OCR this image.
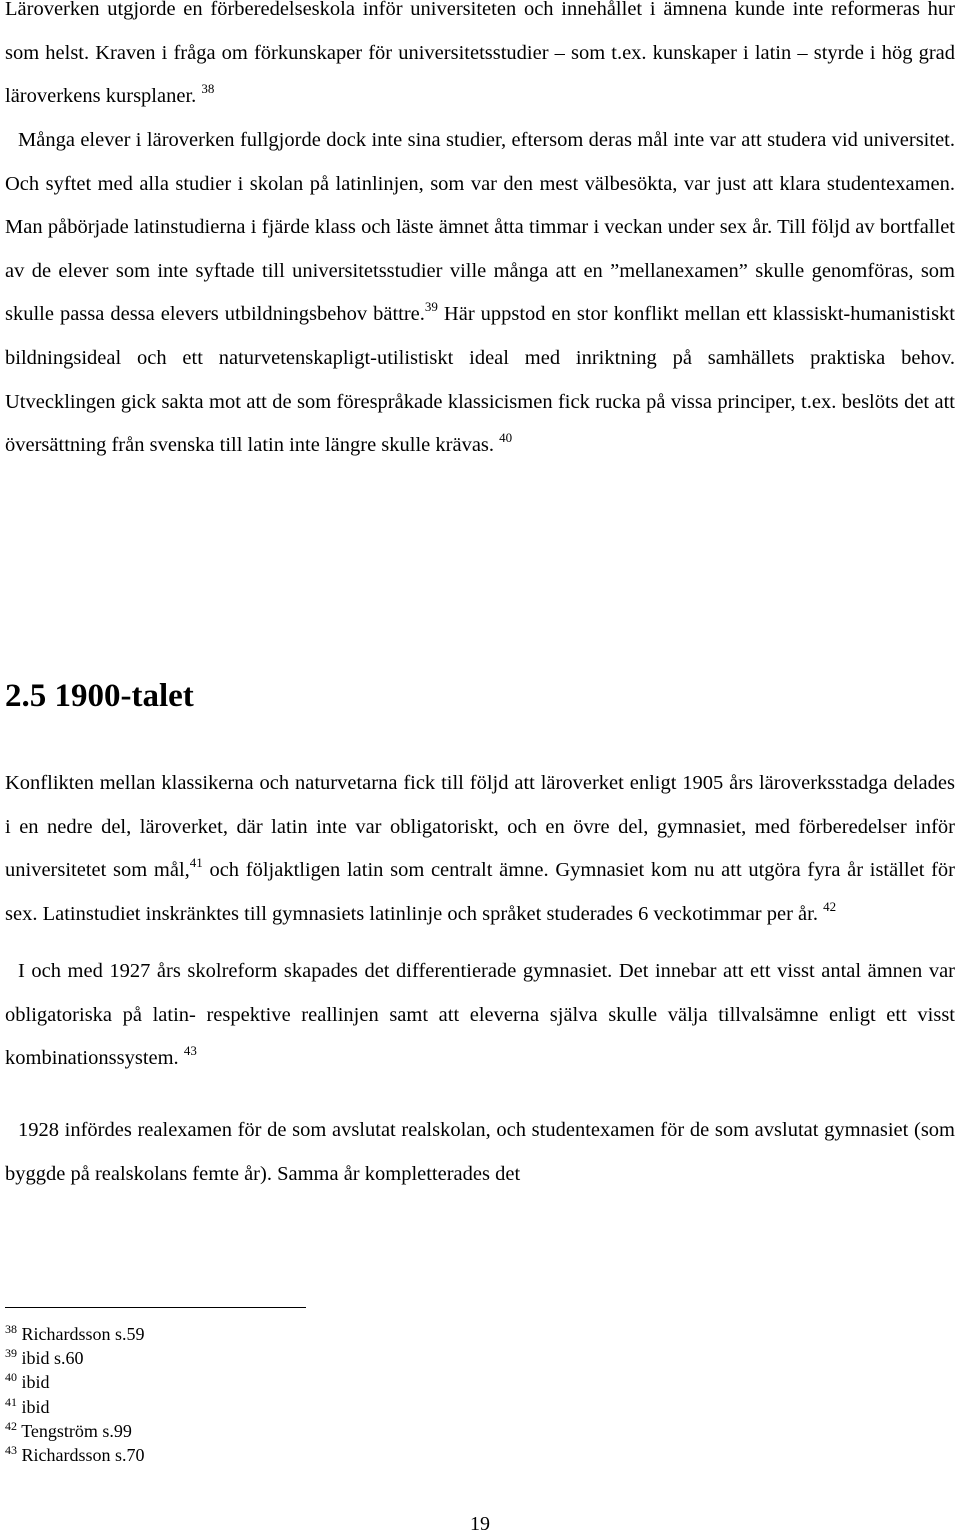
Läroverken utgjorde en förberedelseskola inför universiteten och innehållet i ämnena kunde inte reformeras hur som helst. Kraven i fråga om förkunskaper för universitetsstudier – som t.ex. kunskaper i latin – styrde i hög grad läroverkens kursplaner. $^{38}$

Många elever i läroverken fullgjorde dock inte sina studier, eftersom deras mål inte var att studera vid universitet. Och syftet med alla studier i skolan på latinlinjen, som var den mest välbesökta, var just att klara studentexamen. Man påbörjade latinstudierna i fjärde klass och läste ämnet åtta timmar i veckan under sex år. Till följd av bortfallet av de elever som inte syftade till universitetsstudier ville många att en ”mellanexamen” skulle genomföras, som skulle passa dessa elevers utbildningsbehov bättre.$^{39}$ Här uppstod en stor konflikt mellan ett klassiskt-humanistiskt bildningsideal och ett naturvetenskapligt-utilistiskt ideal med inriktning på samhällets praktiska behov. Utvecklingen gick sakta mot att de som förespråkade klassicismen fick rucka på vissa principer, t.ex. beslöts det att översättning från svenska till latin inte längre skulle krävas. $^{40}$

2.5 1900-talet

Konflikten mellan klassikerna och naturvetarna fick till följd att läroverket enligt 1905 års läroverksstadga delades i en nedre del, läroverket, där latin inte var obligatoriskt, och en övre del, gymnasiet, med förberedelser inför universitetet som mål,$^{41}$ och följaktligen latin som centralt ämne. Gymnasiet kom nu att utgöra fyra år istället för sex. Latinstudiet inskränktes till gymnasiets latinlinje och språket studerades 6 veckotimmar per år. $^{42}$

I och med 1927 års skolreform skapades det differentierade gymnasiet. Det innebar att ett visst antal ämnen var obligatoriska på latin- respektive reallinjen samt att eleverna själva skulle välja tillvalsämne enligt ett visst kombinationssystem. $^{43}$

1928 infördes realexamen för de som avslutat realskolan, och studentexamen för de som avslutat gymnasiet (som byggde på realskolans femte år). Samma år kompletterades det

$^{38}$ Richardsson s.59
$^{39}$ ibid s.60
$^{40}$ ibid
$^{41}$ ibid
$^{42}$ Tengström s.99
$^{43}$ Richardsson s.70
19
